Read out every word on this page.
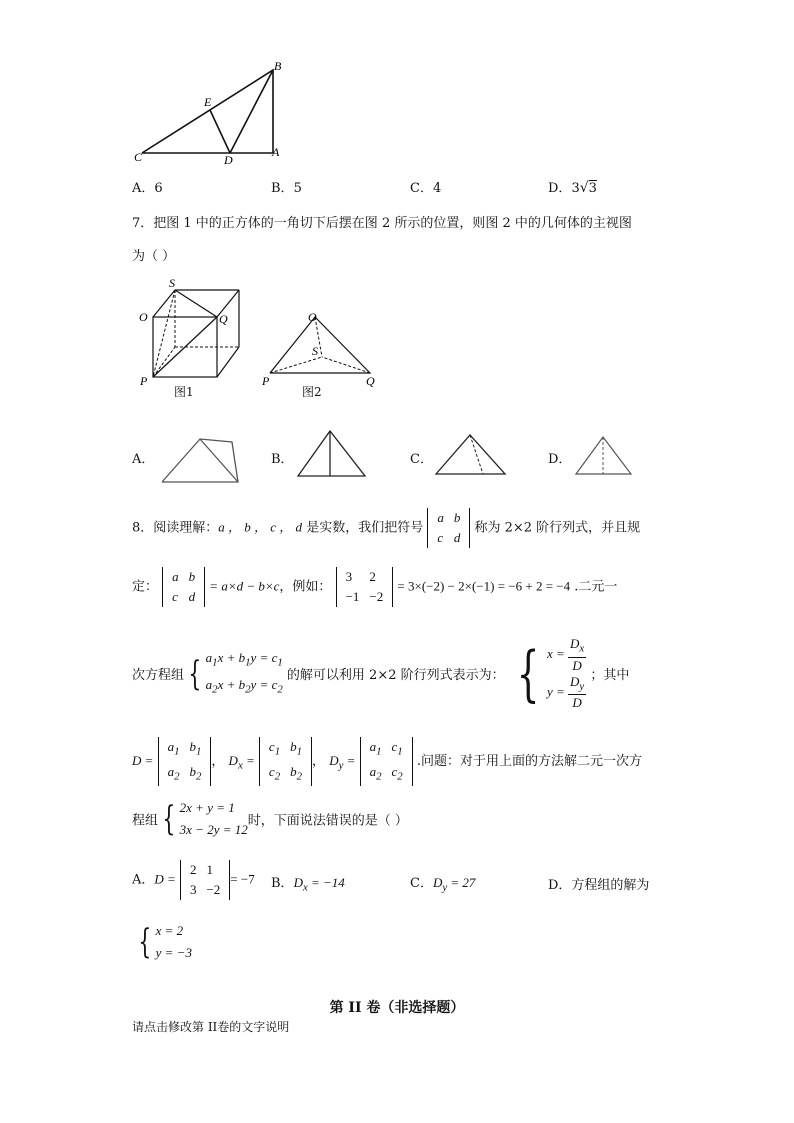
B
E
C	D
A
A．6	B．5	C．4	D．3√3
7．把图 1 中的正方体的一角切下后摆在图 2 所示的位置，则图 2 中的几何体的主视图
为（ ）
S
O	Q
P
图1
O
S
P	Q
图2
A．	B．	C．	D．
8．阅读理解：a ， b ， c ， d 是实数，我们把符号
a	b
c	d
称为 2×2 阶行列式，并且规
定：
a	b
c	d
= a×d − b×c，例如：
3	2
−1	−2
= 3×(−2) − 2×(−1) = −6 + 2 = −4 .二元一
次方程组 { $a_1x + b_1y = c_1$
$a_2x + b_2y = c_2$ 的解可以利用 2×2 阶行列式表示为： {$x = \frac{D_x}{D}$

$y = \frac{D_y}{D}$ ；其中
D =
$a_1$	$b_1$
$a_2$	$b_2$
， $D_x$ =
$c_1$	$b_1$
$c_2$	$b_2$
， $D_y$ =
$a_1$	$c_1$
$a_2$	$c_2$
.问题：对于用上面的方法解二元一次方
程组 { 2x + y = 1
3x − 2y = 12时，下面说法错误的是（ ）
A．D =
2	1
3	−2
= −7 B．$D_x = -14$	C．$D_y = 27$	D．方程组的解为
{ x = 2
y = −3
第 II 卷（非选择题）
请点击修改第 II卷的文字说明
